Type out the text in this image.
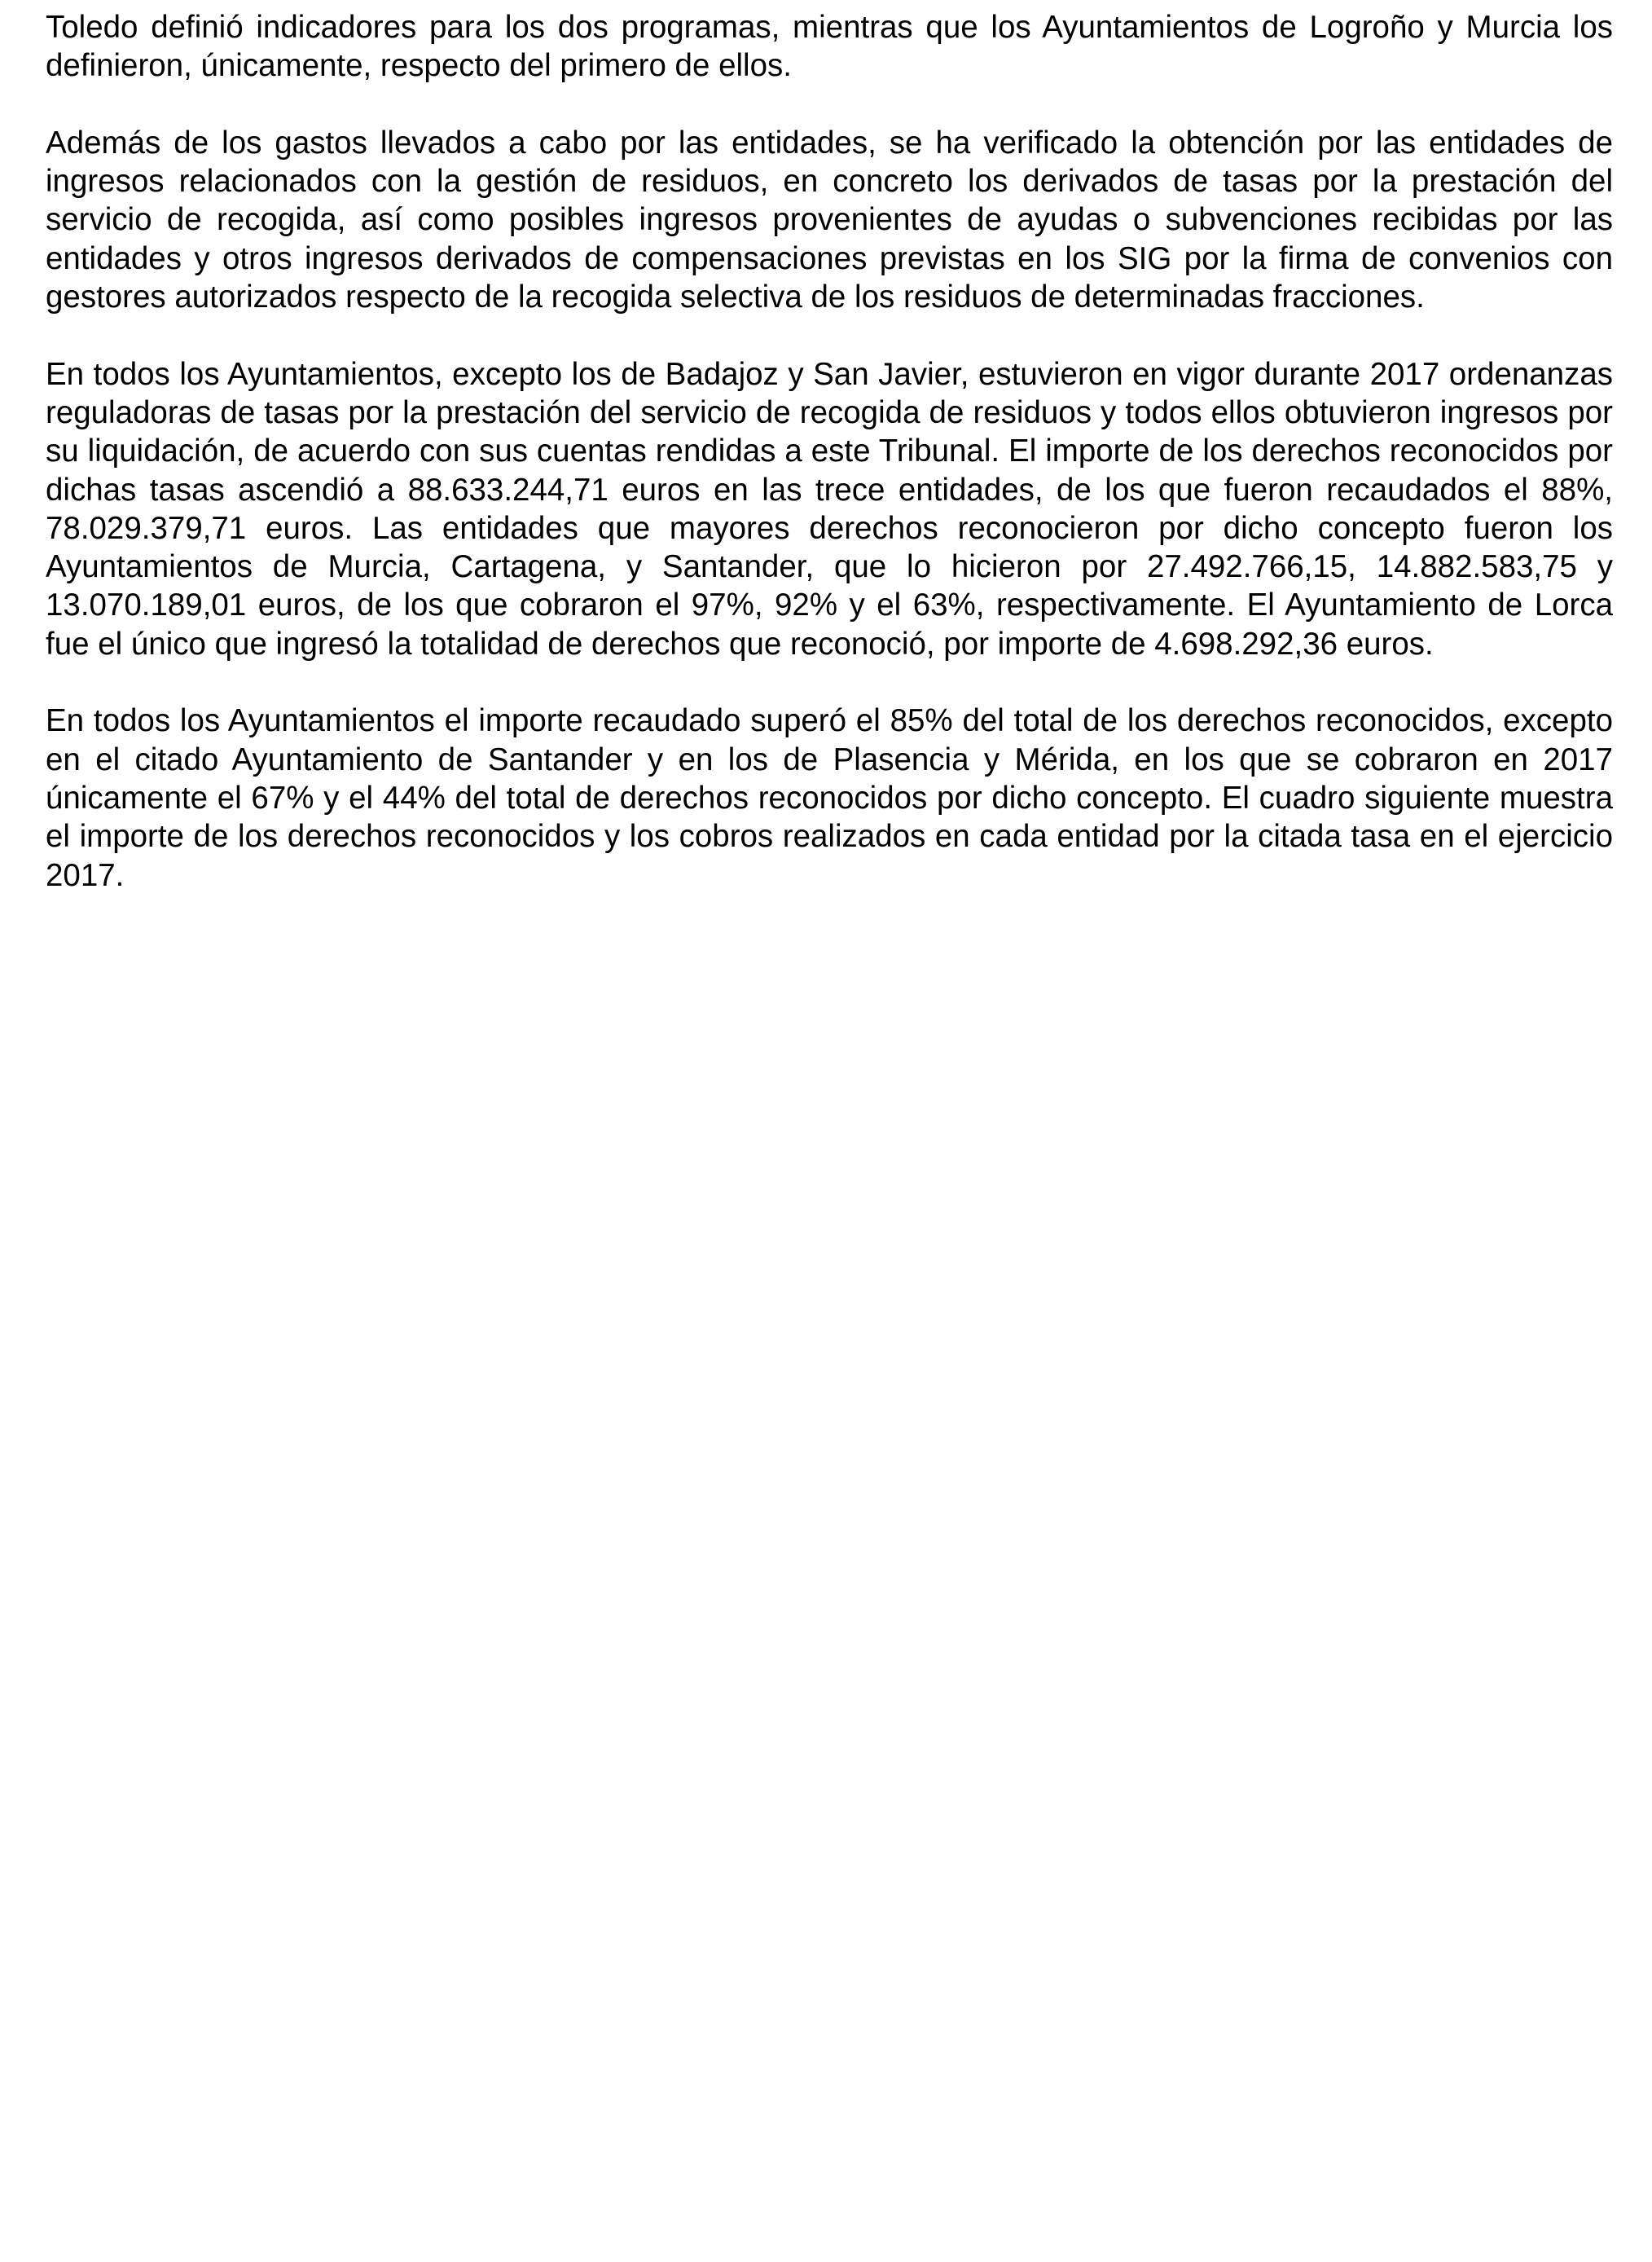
Toledo definió indicadores para los dos programas, mientras que los Ayuntamientos de Logroño y Murcia los definieron, únicamente, respecto del primero de ellos.

Además de los gastos llevados a cabo por las entidades, se ha verificado la obtención por las entidades de ingresos relacionados con la gestión de residuos, en concreto los derivados de tasas por la prestación del servicio de recogida, así como posibles ingresos provenientes de ayudas o subvenciones recibidas por las entidades y otros ingresos derivados de compensaciones previstas en los SIG por la firma de convenios con gestores autorizados respecto de la recogida selectiva de los residuos de determinadas fracciones.

En todos los Ayuntamientos, excepto los de Badajoz y San Javier, estuvieron en vigor durante 2017 ordenanzas reguladoras de tasas por la prestación del servicio de recogida de residuos y todos ellos obtuvieron ingresos por su liquidación, de acuerdo con sus cuentas rendidas a este Tribunal. El importe de los derechos reconocidos por dichas tasas ascendió a 88.633.244,71 euros en las trece entidades, de los que fueron recaudados el 88%, 78.029.379,71 euros. Las entidades que mayores derechos reconocieron por dicho concepto fueron los Ayuntamientos de Murcia, Cartagena, y Santander, que lo hicieron por 27.492.766,15, 14.882.583,75 y 13.070.189,01 euros, de los que cobraron el 97%, 92% y el 63%, respectivamente. El Ayuntamiento de Lorca fue el único que ingresó la totalidad de derechos que reconoció, por importe de 4.698.292,36 euros.

En todos los Ayuntamientos el importe recaudado superó el 85% del total de los derechos reconocidos, excepto en el citado Ayuntamiento de Santander y en los de Plasencia y Mérida, en los que se cobraron en 2017 únicamente el 67% y el 44% del total de derechos reconocidos por dicho concepto. El cuadro siguiente muestra el importe de los derechos reconocidos y los cobros realizados en cada entidad por la citada tasa en el ejercicio 2017.
